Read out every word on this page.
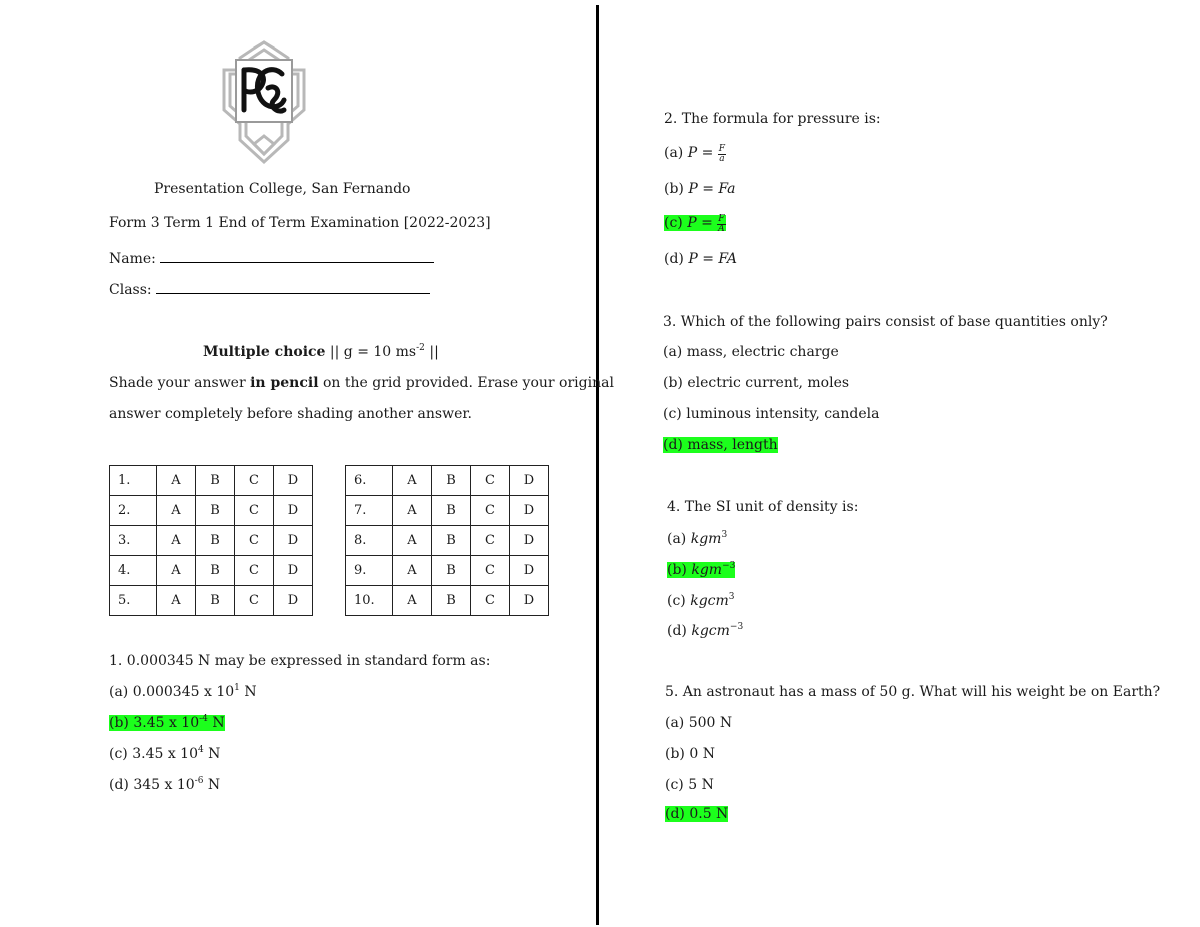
Presentation College, San Fernando
Form 3 Term 1 End of Term Examination [2022-2023]
Name:
Class:
Multiple choice || g = 10 $ms^{-2}$ ||
Shade your answer in pencil on the grid provided. Erase your original
answer completely before shading another answer.
1.	A	B	C	D
2.	A	B	C	D
3.	A	B	C	D
4.	A	B	C	D
5.	A	B	C	D
6.	A	B	C	D
7.	A	B	C	D
8.	A	B	C	D
9.	A	B	C	D
10.	A	B	C	D
1. 0.000345 N may be expressed in standard form as:
(a) 0.000345 x $10^1$ N
(b) 3.45 x $10^{-4}$ N
(c) 3.45 x $10^4$ N
(d) 345 x $10^{-6}$ N
2. The formula for pressure is:
(a) $P = \frac{F}{a}$
(b) P = Fa
(c) $P = \frac{F}{A}$
(d) P = FA
3. Which of the following pairs consist of base quantities only?
(a) mass, electric charge
(b) electric current, moles
(c) luminous intensity, candela
(d) mass, length
4. The SI unit of density is:
(a) kgm$^3$
(b) kgm$^{-3}$
(c) kgcm$^3$
(d) kgcm$^{-3}$
5. An astronaut has a mass of 50 g. What will his weight be on Earth?
(a) 500 N
(b) 0 N
(c) 5 N
(d) 0.5 N
